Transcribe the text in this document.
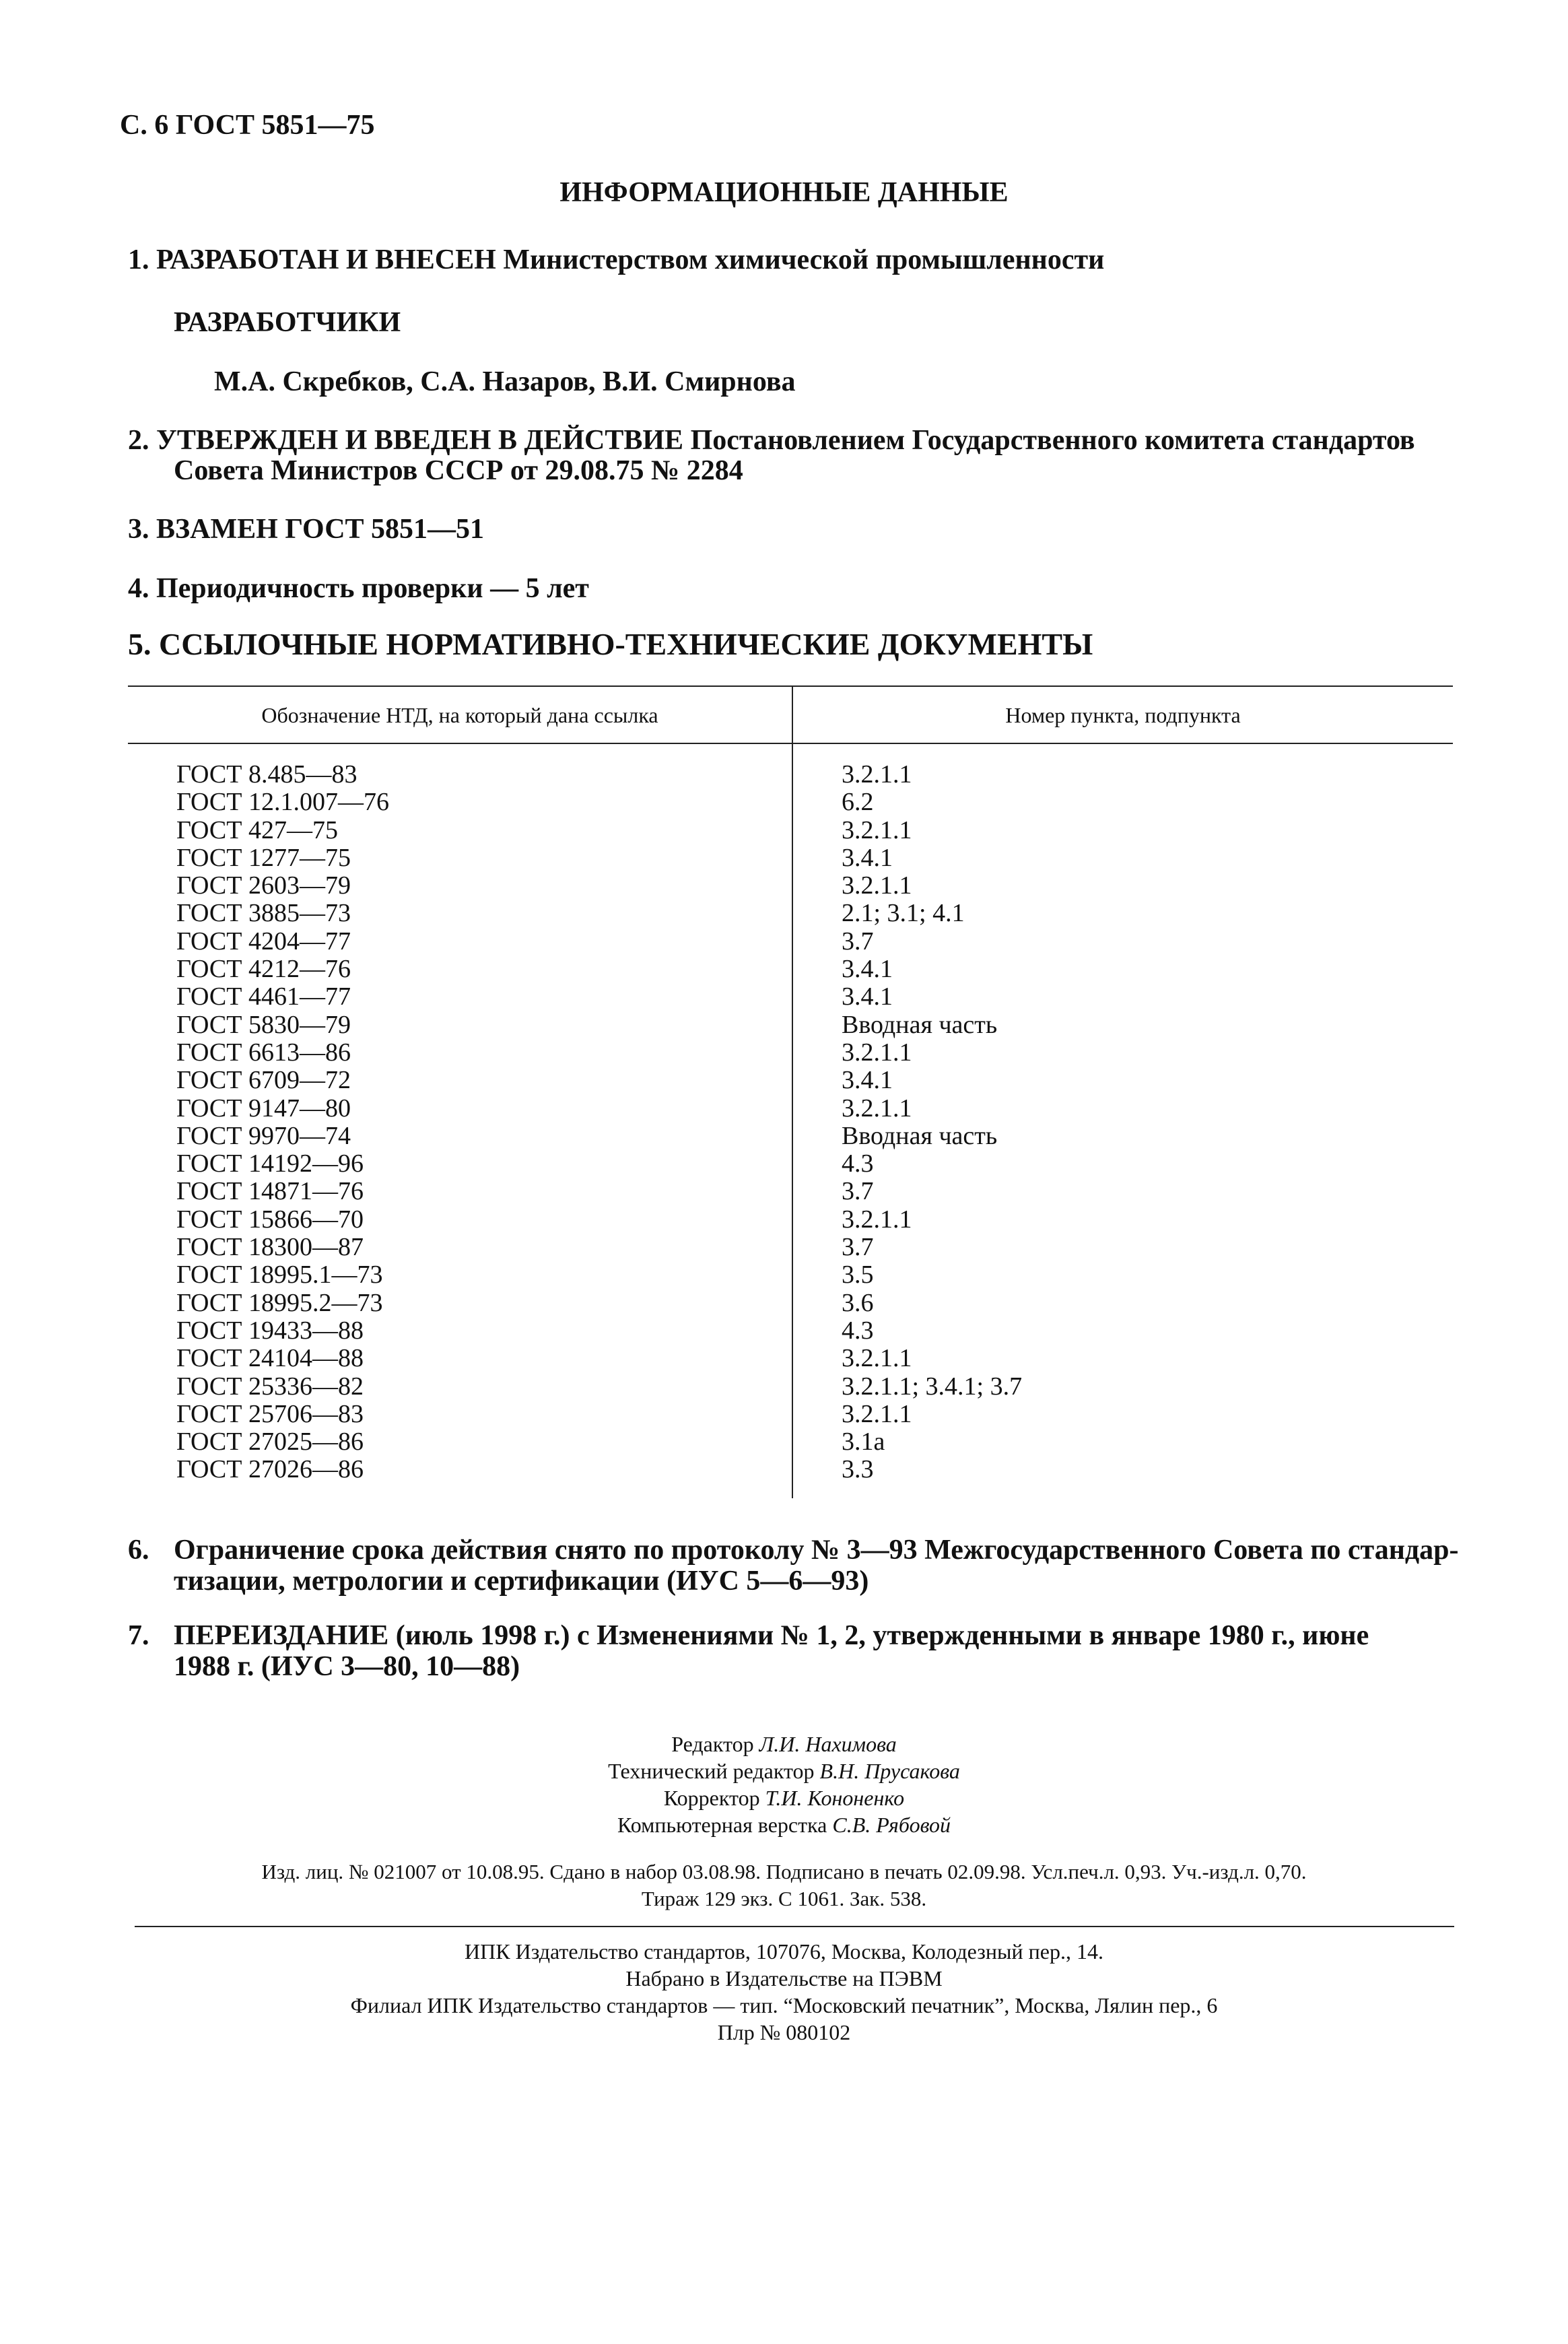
С. 6 ГОСТ 5851—75
ИНФОРМАЦИОННЫЕ ДАННЫЕ
1. РАЗРАБОТАН И ВНЕСЕН Министерством химической промышленности
РАЗРАБОТЧИКИ
М.А. Скребков, С.А. Назаров, В.И. Смирнова
2. УТВЕРЖДЕН И ВВЕДЕН В ДЕЙСТВИЕ Постановлением Государственного комитета стандартов
Совета Министров СССР от 29.08.75 № 2284
3. ВЗАМЕН ГОСТ 5851—51
4. Периодичность проверки — 5 лет
5. ССЫЛОЧНЫЕ НОРМАТИВНО-ТЕХНИЧЕСКИЕ ДОКУМЕНТЫ
Обозначение НТД, на который дана ссылка	Номер пункта, подпункта
ГОСТ 8.485—83
ГОСТ 12.1.007—76
ГОСТ 427—75
ГОСТ 1277—75
ГОСТ 2603—79
ГОСТ 3885—73
ГОСТ 4204—77
ГОСТ 4212—76
ГОСТ 4461—77
ГОСТ 5830—79
ГОСТ 6613—86
ГОСТ 6709—72
ГОСТ 9147—80
ГОСТ 9970—74
ГОСТ 14192—96
ГОСТ 14871—76
ГОСТ 15866—70
ГОСТ 18300—87
ГОСТ 18995.1—73
ГОСТ 18995.2—73
ГОСТ 19433—88
ГОСТ 24104—88
ГОСТ 25336—82
ГОСТ 25706—83
ГОСТ 27025—86
ГОСТ 27026—86
3.2.1.1
6.2
3.2.1.1
3.4.1
3.2.1.1
2.1; 3.1; 4.1
3.7
3.4.1
3.4.1
Вводная часть
3.2.1.1
3.4.1
3.2.1.1
Вводная часть
4.3
3.7
3.2.1.1
3.7
3.5
3.6
4.3
3.2.1.1
3.2.1.1; 3.4.1; 3.7
3.2.1.1
3.1а
3.3
6. Ограничение срока действия снято по протоколу № 3—93 Межгосударственного Совета по стандар-
тизации, метрологии и сертификации (ИУС 5—6—93)
7. ПЕРЕИЗДАНИЕ (июль 1998 г.) с Изменениями № 1, 2, утвержденными в январе 1980 г., июне
1988 г. (ИУС 3—80, 10—88)
Редактор Л.И. Нахимова
Технический редактор В.Н. Прусакова
Корректор Т.И. Кононенко
Компьютерная верстка С.В. Рябовой
Изд. лиц. № 021007 от 10.08.95. Сдано в набор 03.08.98. Подписано в печать 02.09.98. Усл.печ.л. 0,93. Уч.-изд.л. 0,70.
Тираж 129 экз. С 1061. Зак. 538.
ИПК Издательство стандартов, 107076, Москва, Колодезный пер., 14.
Набрано в Издательстве на ПЭВМ
Филиал ИПК Издательство стандартов — тип. “Московский печатник”, Москва, Лялин пер., 6
Плр № 080102
